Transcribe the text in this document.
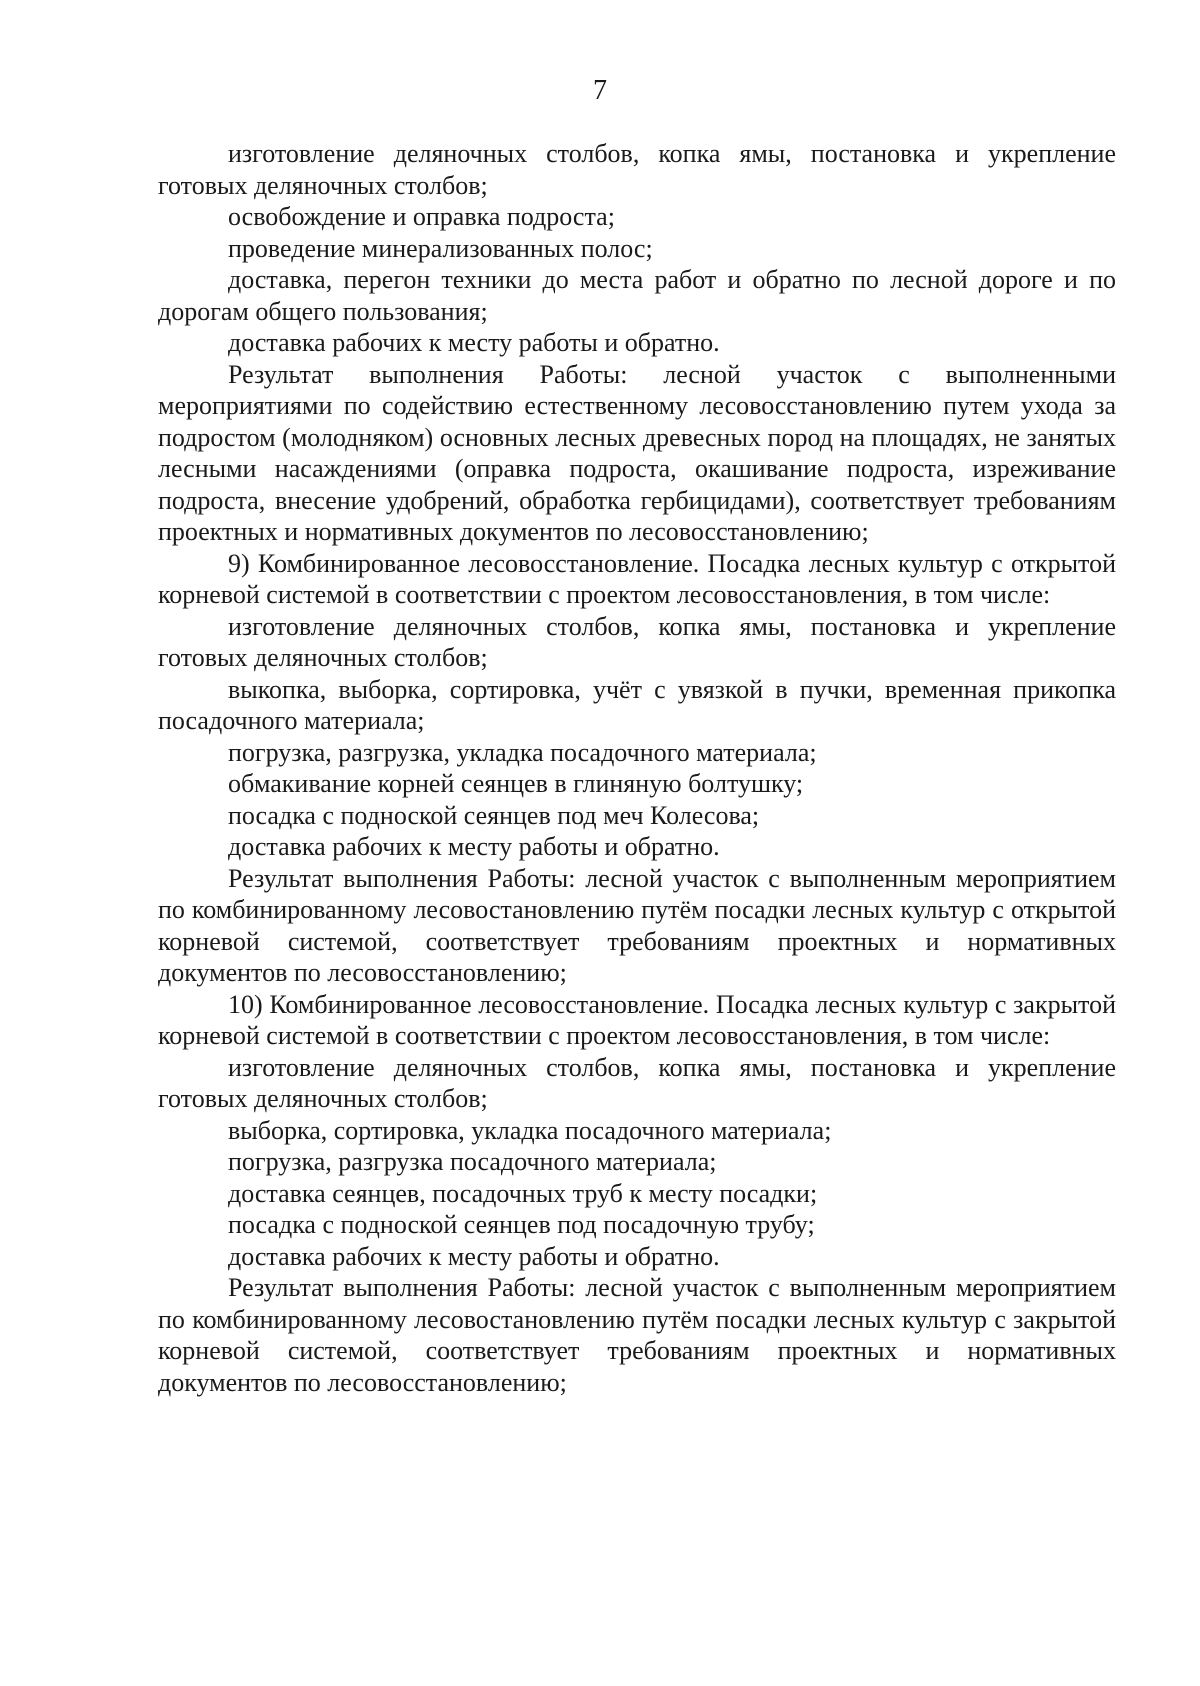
7

изготовление деляночных столбов, копка ямы, постановка и укрепление готовых деляночных столбов;

освобождение и оправка подроста;

проведение минерализованных полос;

доставка, перегон техники до места работ и обратно по лесной дороге и по дорогам общего пользования;

доставка рабочих к месту работы и обратно.

Результат выполнения Работы: лесной участок с выполненными мероприятиями по содействию естественному лесовосстановлению путем ухода за подростом (молодняком) основных лесных древесных пород на площадях, не занятых лесными насаждениями (оправка подроста, окашивание подроста, изреживание подроста, внесение удобрений, обработка гербицидами), соответствует требованиям проектных и нормативных документов по лесовосстановлению;

9) Комбинированное лесовосстановление. Посадка лесных культур с открытой корневой системой в соответствии с проектом лесовосстановления, в том числе:

изготовление деляночных столбов, копка ямы, постановка и укрепление готовых деляночных столбов;

выкопка, выборка, сортировка, учёт с увязкой в пучки, временная прикопка посадочного материала;

погрузка, разгрузка, укладка посадочного материала;

обмакивание корней сеянцев в глиняную болтушку;

посадка с подноской сеянцев под меч Колесова;

доставка рабочих к месту работы и обратно.

Результат выполнения Работы: лесной участок с выполненным мероприятием по комбинированному лесовостановлению путём посадки лесных культур с открытой корневой системой, соответствует требованиям проектных и нормативных документов по лесовосстановлению;

10) Комбинированное лесовосстановление. Посадка лесных культур с закрытой корневой системой в соответствии с проектом лесовосстановления, в том числе:

изготовление деляночных столбов, копка ямы, постановка и укрепление готовых деляночных столбов;

выборка, сортировка, укладка посадочного материала;

погрузка, разгрузка посадочного материала;

доставка сеянцев, посадочных труб к месту посадки;

посадка с подноской сеянцев под посадочную трубу;

доставка рабочих к месту работы и обратно.

Результат выполнения Работы: лесной участок с выполненным мероприятием по комбинированному лесовостановлению путём посадки лесных культур с закрытой корневой системой, соответствует требованиям проектных и нормативных документов по лесовосстановлению;
